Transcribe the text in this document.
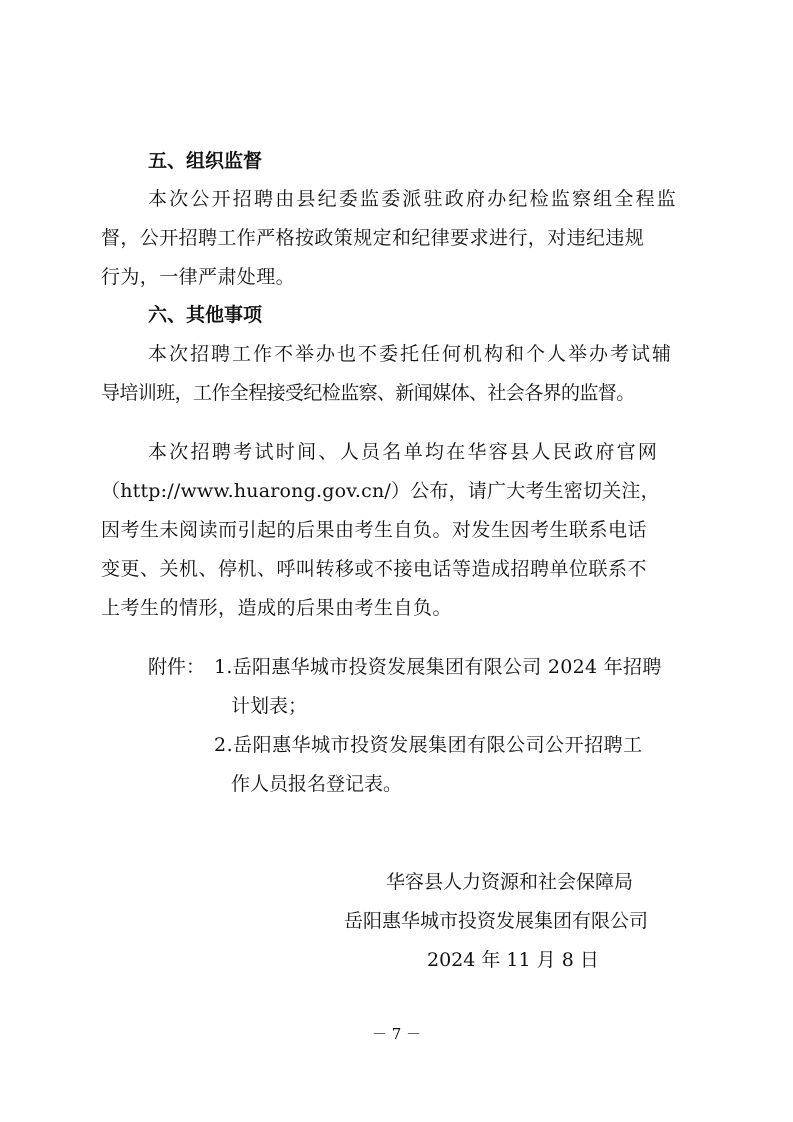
五、组织监督
本次公开招聘由县纪委监委派驻政府办纪检监察组全程监
督，公开招聘工作严格按政策规定和纪律要求进行，对违纪违规
行为，一律严肃处理。
六、其他事项
本次招聘工作不举办也不委托任何机构和个人举办考试辅
导培训班，工作全程接受纪检监察、新闻媒体、社会各界的监督。
本次招聘考试时间、人员名单均在华容县人民政府官网
（http://www.huarong.gov.cn/）公布，请广大考生密切关注，
因考生未阅读而引起的后果由考生自负。对发生因考生联系电话
变更、关机、停机、呼叫转移或不接电话等造成招聘单位联系不
上考生的情形，造成的后果由考生自负。
附件： 1.岳阳惠华城市投资发展集团有限公司 2024 年招聘
计划表；
2.岳阳惠华城市投资发展集团有限公司公开招聘工
作人员报名登记表。
华容县人力资源和社会保障局
岳阳惠华城市投资发展集团有限公司
2024 年 11 月 8 日
－ 7 －
